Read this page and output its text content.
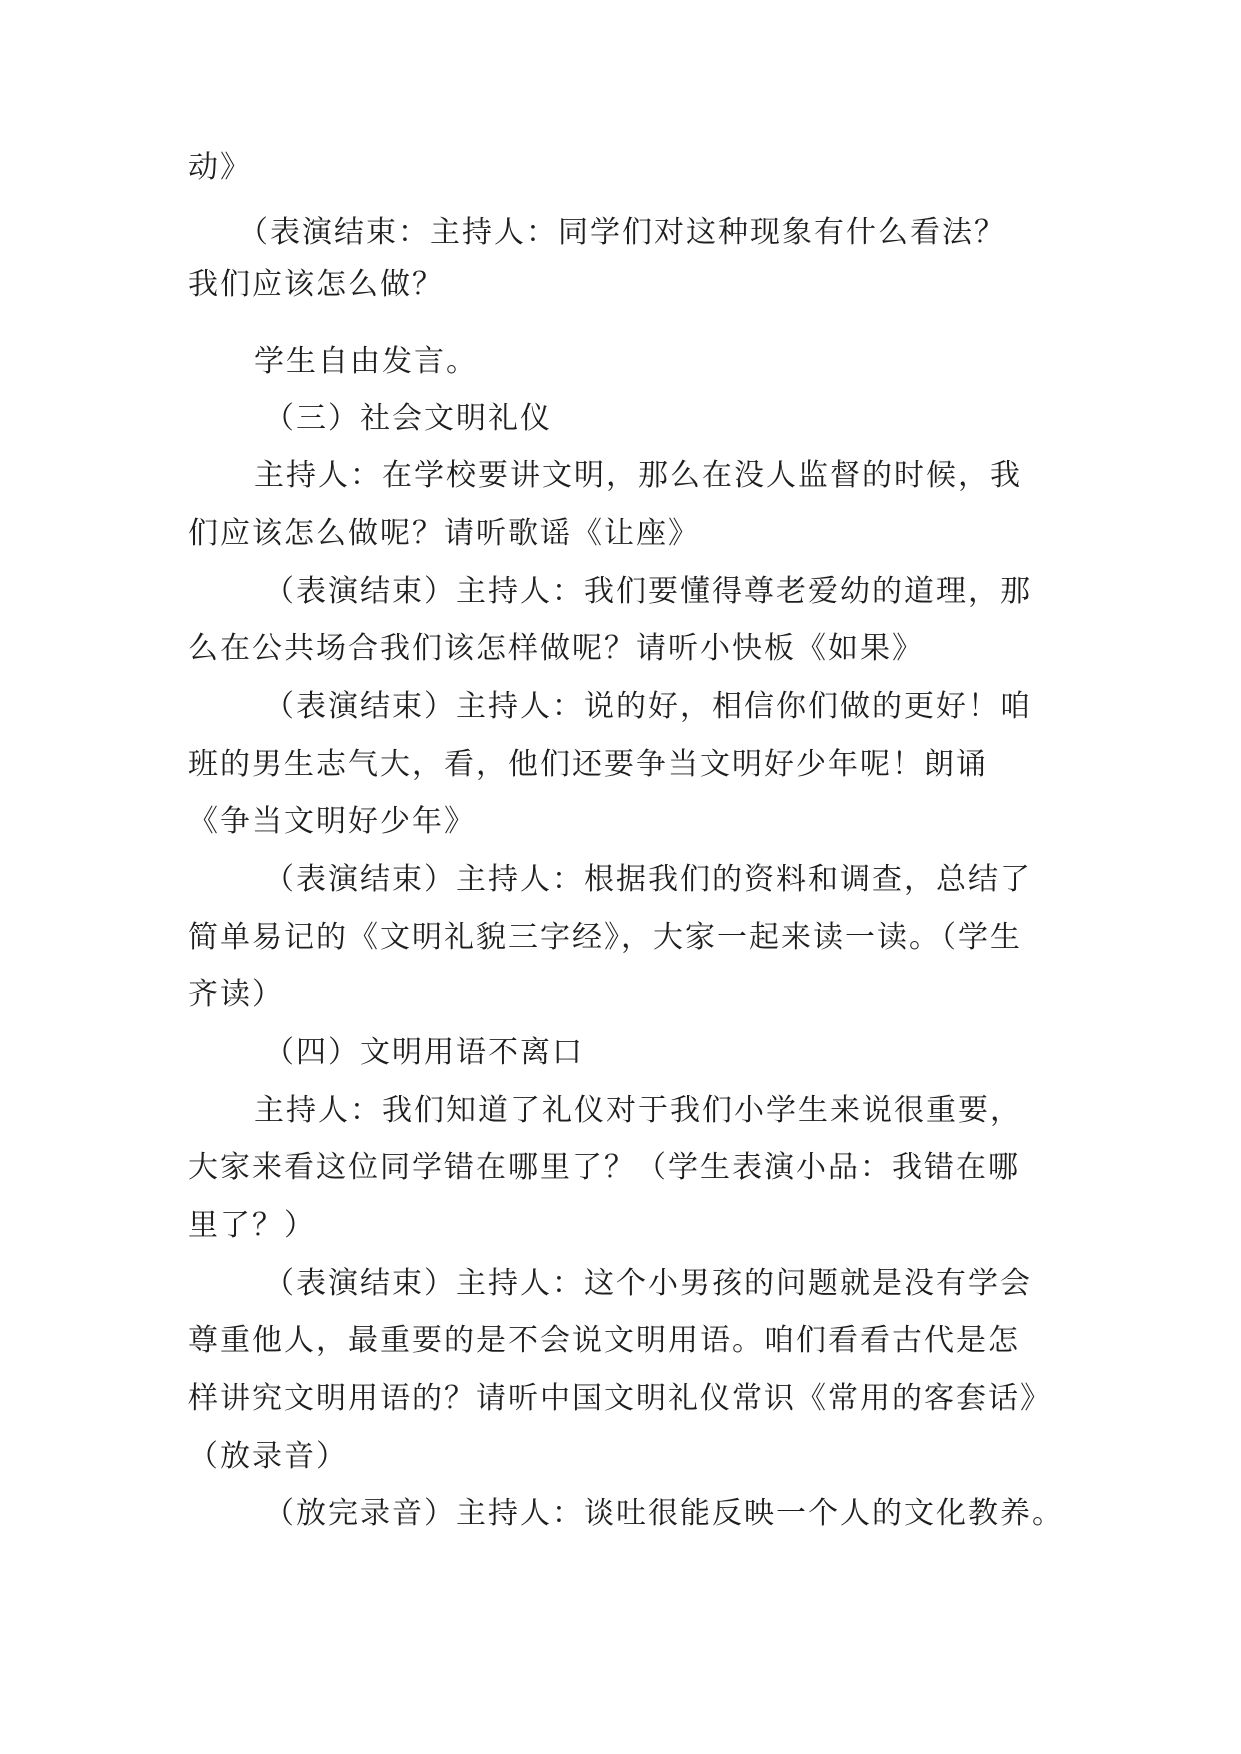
动》
（表演结束：主持人：同学们对这种现象有什么看法？
我们应该怎么做？
学生自由发言。
（三）社会文明礼仪
主持人：在学校要讲文明，那么在没人监督的时候，我
们应该怎么做呢？请听歌谣《让座》
（表演结束）主持人：我们要懂得尊老爱幼的道理，那
么在公共场合我们该怎样做呢？请听小快板《如果》
（表演结束）主持人：说的好，相信你们做的更好！咱
班的男生志气大，看，他们还要争当文明好少年呢！朗诵
《争当文明好少年》
（表演结束）主持人：根据我们的资料和调查，总结了
简单易记的《文明礼貌三字经》，大家一起来读一读。（学生
齐读）
（四）文明用语不离口
主持人：我们知道了礼仪对于我们小学生来说很重要，
大家来看这位同学错在哪里了？（学生表演小品：我错在哪
里了？）
（表演结束）主持人：这个小男孩的问题就是没有学会
尊重他人，最重要的是不会说文明用语。咱们看看古代是怎
样讲究文明用语的？请听中国文明礼仪常识《常用的客套话》
（放录音）
（放完录音）主持人：谈吐很能反映一个人的文化教养。
